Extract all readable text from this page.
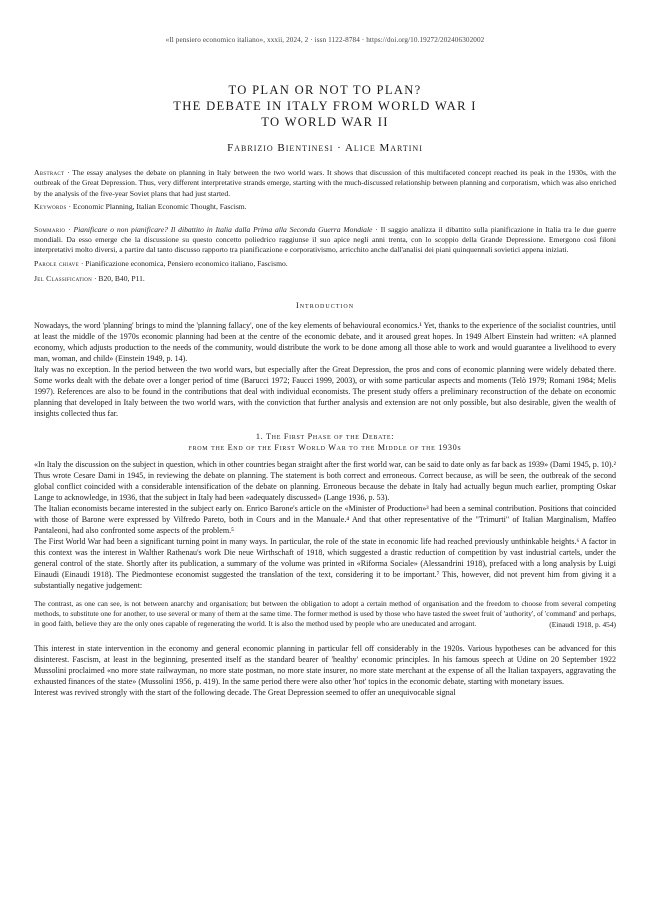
«Il pensiero economico italiano», xxxii, 2024, 2 · issn 1122-8784 · https://doi.org/10.19272/202406302002
TO PLAN OR NOT TO PLAN?
THE DEBATE IN ITALY FROM WORLD WAR I
TO WORLD WAR II
Fabrizio Bientinesi · Alice Martini
Abstract · The essay analyses the debate on planning in Italy between the two world wars. It shows that discussion of this multifaceted concept reached its peak in the 1930s, with the outbreak of the Great Depression. Thus, very different interpretative strands emerge, starting with the much-discussed relationship between planning and corporatism, which was also enriched by the analysis of the five-year Soviet plans that had just started.
Keywords · Economic Planning, Italian Economic Thought, Fascism.
Sommario · Pianificare o non pianificare? Il dibattito in Italia dalla Prima alla Seconda Guerra Mondiale · Il saggio analizza il dibattito sulla pianificazione in Italia tra le due guerre mondiali. Da esso emerge che la discussione su questo concetto poliedrico raggiunse il suo apice negli anni trenta, con lo scoppio della Grande Depressione. Emergono così filoni interpretativi molto diversi, a partire dal tanto discusso rapporto tra pianificazione e corporativismo, arricchito anche dall'analisi dei piani quinquennali sovietici appena iniziati.
Parole chiave · Pianificazione economica, Pensiero economico italiano, Fascismo.
Jel Classification · B20, B40, P11.
Introduction

Nowadays, the word 'planning' brings to mind the 'planning fallacy', one of the key elements of behavioural economics.¹ Yet, thanks to the experience of the socialist countries, until at least the middle of the 1970s economic planning had been at the centre of the economic debate, and it aroused great hopes. In 1949 Albert Einstein had written: «A planned economy, which adjusts production to the needs of the community, would distribute the work to be done among all those able to work and would guarantee a livelihood to every man, woman, and child» (Einstein 1949, p. 14).

Italy was no exception. In the period between the two world wars, but especially after the Great Depression, the pros and cons of economic planning were widely debated there. Some works dealt with the debate over a longer period of time (Barucci 1972; Faucci 1999, 2003), or with some particular aspects and moments (Telò 1979; Romani 1984; Melis 1997). References are also to be found in the contributions that deal with individual economists. The present study offers a preliminary reconstruction of the debate on economic planning that developed in Italy between the two world wars, with the conviction that further analysis and extension are not only possible, but also desirable, given the wealth of insights collected thus far.

1. The First Phase of the Debate:
from the End of the First World War to the Middle of the 1930s

«In Italy the discussion on the subject in question, which in other countries began straight after the first world war, can be said to date only as far back as 1939» (Dami 1945, p. 10).² Thus wrote Cesare Dami in 1945, in reviewing the debate on planning. The statement is both correct and erroneous. Correct because, as will be seen, the outbreak of the second global conflict coincided with a considerable intensification of the debate on planning. Erroneous because the debate in Italy had actually begun much earlier, prompting Oskar Lange to acknowledge, in 1936, that the subject in Italy had been «adequately discussed» (Lange 1936, p. 53).

The Italian economists became interested in the subject early on. Enrico Barone's article on the «Minister of Production»³ had been a seminal contribution. Positions that coincided with those of Barone were expressed by Vilfredo Pareto, both in Cours and in the Manuale.⁴ And that other representative of the "Trimurti" of Italian Marginalism, Maffeo Pantaleoni, had also confronted some aspects of the problem.⁵

The First World War had been a significant turning point in many ways. In particular, the role of the state in economic life had reached previously unthinkable heights.⁶ A factor in this context was the interest in Walther Rathenau's work Die neue Wirthschaft of 1918, which suggested a drastic reduction of competition by vast industrial cartels, under the general control of the state. Shortly after its publication, a summary of the volume was printed in «Riforma Sociale» (Alessandrini 1918), prefaced with a long analysis by Luigi Einaudi (Einaudi 1918). The Piedmontese economist suggested the translation of the text, considering it to be important.⁷ This, however, did not prevent him from giving it a substantially negative judgement:

The contrast, as one can see, is not between anarchy and organisation; but between the obligation to adopt a certain method of organisation and the freedom to choose from several competing methods, to substitute one for another, to use several or many of them at the same time. The former method is used by those who have tasted the sweet fruit of 'authority', of 'command' and perhaps, in good faith, believe they are the only ones capable of regenerating the world. It is also the method used by people who are uneducated and arrogant.	(Einaudi 1918, p. 454)

This interest in state intervention in the economy and general economic planning in particular fell off considerably in the 1920s. Various hypotheses can be advanced for this disinterest. Fascism, at least in the beginning, presented itself as the standard bearer of 'healthy' economic principles. In his famous speech at Udine on 20 September 1922 Mussolini proclaimed «no more state railwayman, no more state postman, no more state insurer, no more state merchant at the expense of all the Italian taxpayers, aggravating the exhausted finances of the state» (Mussolini 1956, p. 419). In the same period there were also other 'hot' topics in the economic debate, starting with monetary issues.

Interest was revived strongly with the start of the following decade. The Great Depression seemed to offer an unequivocable signal
